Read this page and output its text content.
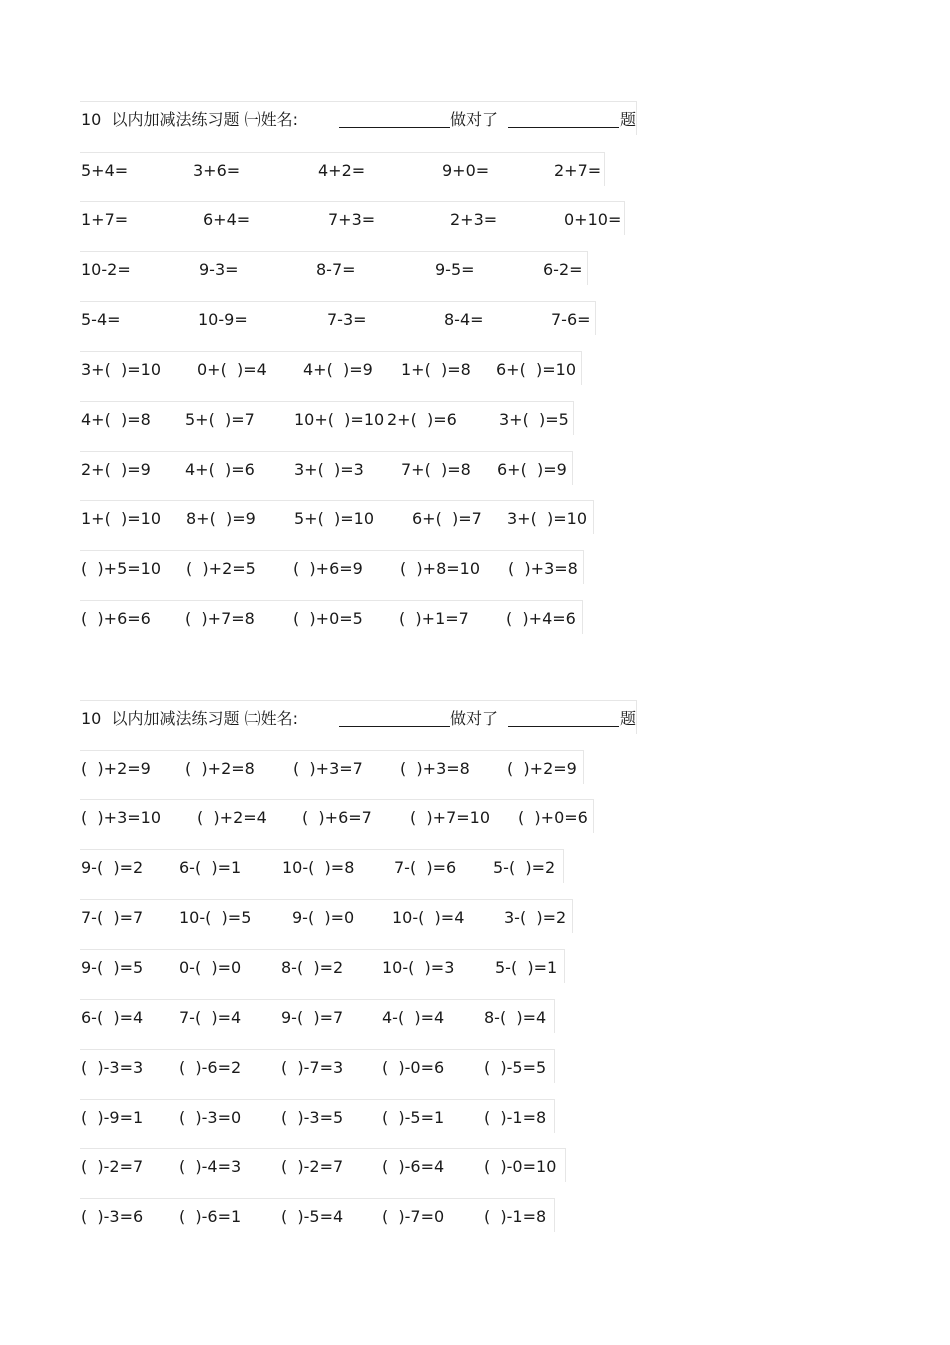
10  以内加减法练习题 ㈠姓名:	做对了	题
5+4=	3+6=	4+2=	9+0=	2+7=
1+7=	6+4=	7+3=	2+3=	0+10=
10-2=	9-3=	8-7=	9-5=	6-2=
5-4=	10-9=	7-3=	8-4=	7-6=
3+(  )=10 0+(  )=4 4+(  )=9 1+(  )=8 6+(  )=10
4+(  )=8 5+(  )=7 10+(  )=10 2+(  )=6	3+(  )=5
2+(  )=9 4+(  )=6 3+(  )=3 7+(  )=8 6+(  )=9
1+(  )=10 8+(  )=9 5+(  )=10 6+(  )=7 3+(  )=10
(  )+5=10 (  )+2=5 (  )+6=9 (  )+8=10 (  )+3=8
(  )+6=6 (  )+7=8 (  )+0=5 (  )+1=7 (  )+4=6
10  以内加减法练习题 ㈡姓名:	做对了	题
(  )+2=9 (  )+2=8 (  )+3=7 (  )+3=8 (  )+2=9
(  )+3=10 (  )+2=4 (  )+6=7 (  )+7=10 (  )+0=6
9-(  )=2 6-(  )=1	10-(  )=8 7-(  )=6 5-(  )=2
7-(  )=7 10-(  )=5	9-(  )=0 10-(  )=4 3-(  )=2
9-(  )=5 0-(  )=0 8-(  )=2 10-(  )=3	5-(  )=1
6-(  )=4 7-(  )=4 9-(  )=7 4-(  )=4 8-(  )=4
(  )-3=3 (  )-6=2 (  )-7=3 (  )-0=6 (  )-5=5
(  )-9=1 (  )-3=0 (  )-3=5 (  )-5=1 (  )-1=8
(  )-2=7 (  )-4=3 (  )-2=7 (  )-6=4 (  )-0=10
(  )-3=6 (  )-6=1 (  )-5=4 (  )-7=0 (  )-1=8
